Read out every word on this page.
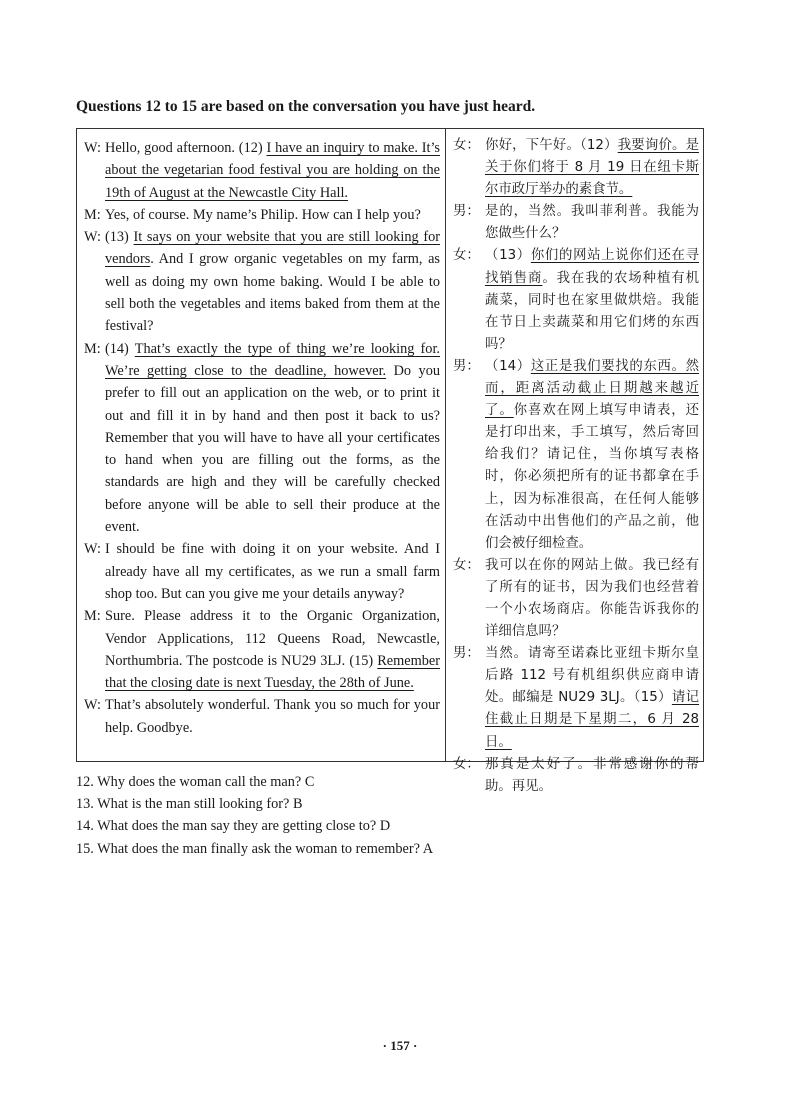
Questions 12 to 15 are based on the conversation you have just heard.
W: Hello, good afternoon. (12) I have an inquiry to make. It’s about the vegetarian food festival you are holding on the 19th of August at the Newcastle City Hall.
M: Yes, of course. My name’s Philip. How can I help you?
W: (13) It says on your website that you are still looking for vendors. And I grow organic vegetables on my farm, as well as doing my own home baking. Would I be able to sell both the vegetables and items baked from them at the festival?
M: (14) That’s exactly the type of thing we’re looking for. We’re getting close to the deadline, however. Do you prefer to fill out an application on the web, or to print it out and fill it in by hand and then post it back to us? Remember that you will have to have all your certificates to hand when you are filling out the forms, as the standards are high and they will be carefully checked before anyone will be able to sell their produce at the event.
W: I should be fine with doing it on your website. And I already have all my certificates, as we run a small farm shop too. But can you give me your details anyway?
M: Sure. Please address it to the Organic Organization, Vendor Applications, 112 Queens Road, Newcastle, Northumbria. The postcode is NU29 3LJ. (15) Remember that the closing date is next Tuesday, the 28th of June.
W: That’s absolutely wonderful. Thank you so much for your help. Goodbye.
女： 你好，下午好。（12）我要询价。是关于你们将于 8 月 19 日在纽卡斯尔市政厅举办的素食节。
男： 是的，当然。我叫菲利普。我能为您做些什么？
女： （13）你们的网站上说你们还在寻找销售商。我在我的农场种植有机蔬菜，同时也在家里做烘焙。我能在节日上卖蔬菜和用它们烤的东西吗？
男： （14）这正是我们要找的东西。然而，距离活动截止日期越来越近了。你喜欢在网上填写申请表，还是打印出来，手工填写，然后寄回给我们？请记住，当你填写表格时，你必须把所有的证书都拿在手上，因为标准很高，在任何人能够在活动中出售他们的产品之前，他们会被仔细检查。
女： 我可以在你的网站上做。我已经有了所有的证书，因为我们也经营着一个小农场商店。你能告诉我你的详细信息吗？
男： 当然。请寄至诺森比亚纽卡斯尔皇后路 112 号有机组织供应商申请处。邮编是 NU29 3LJ。（15）请记住截止日期是下星期二，6 月 28 日。
女： 那真是太好了。非常感谢你的帮助。再见。
12. Why does the woman call the man? C
13. What is the man still looking for? B
14. What does the man say they are getting close to? D
15. What does the man finally ask the woman to remember? A
· 157 ·
